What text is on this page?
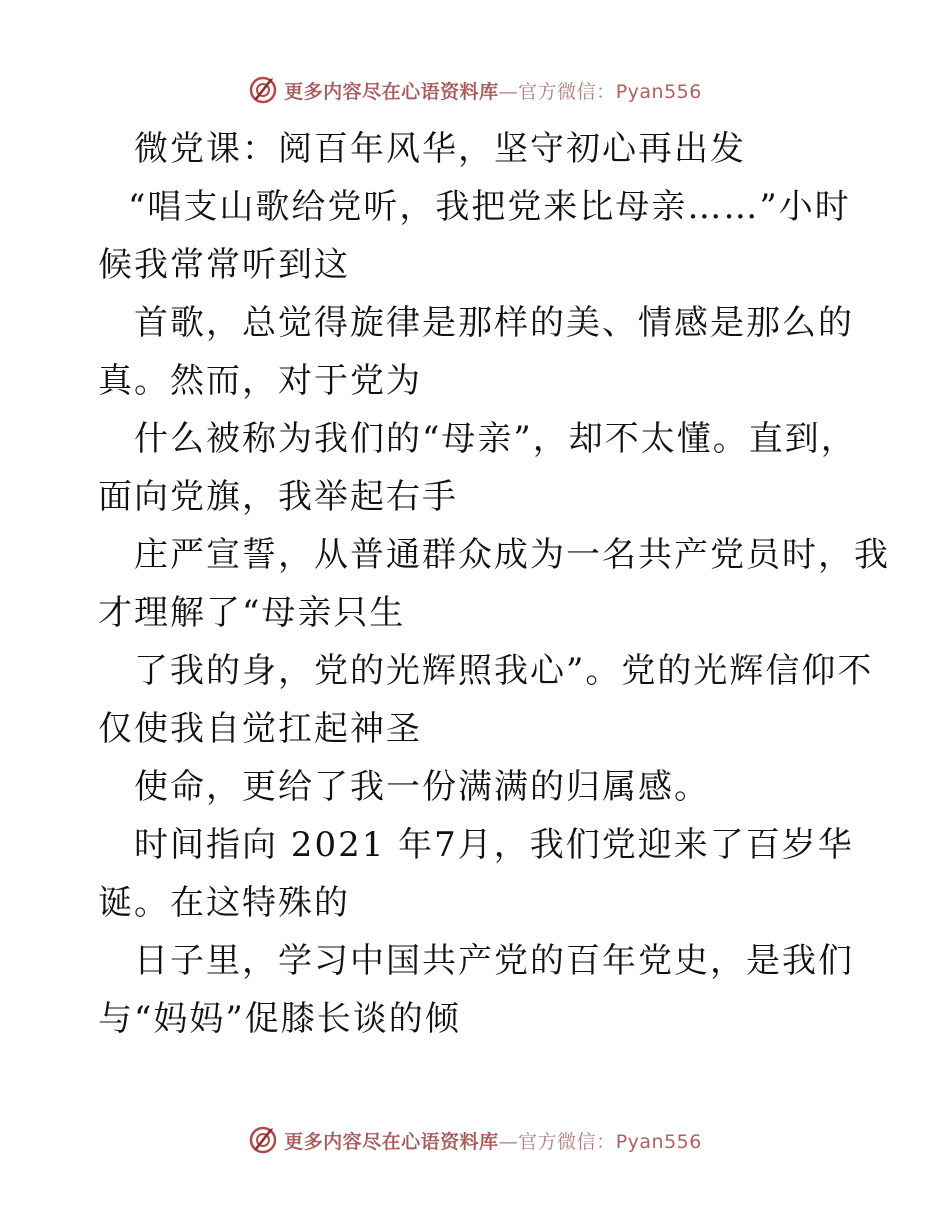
更多内容尽在心语资料库—官方微信：Pyan556
微党课：阅百年风华，坚守初心再出发
“唱支山歌给党听，我把党来比母亲……”小时
候我常常听到这
首歌，总觉得旋律是那样的美、情感是那么的
真。然而，对于党为
什么被称为我们的“母亲”，却不太懂。直到，
面向党旗，我举起右手
庄严宣誓，从普通群众成为一名共产党员时，我
才理解了“母亲只生
了我的身，党的光辉照我心”。党的光辉信仰不
仅使我自觉扛起神圣
使命，更给了我一份满满的归属感。
时间指向 2021 年7月，我们党迎来了百岁华
诞。在这特殊的
日子里，学习中国共产党的百年党史，是我们
与“妈妈”促膝长谈的倾
更多内容尽在心语资料库—官方微信：Pyan556
